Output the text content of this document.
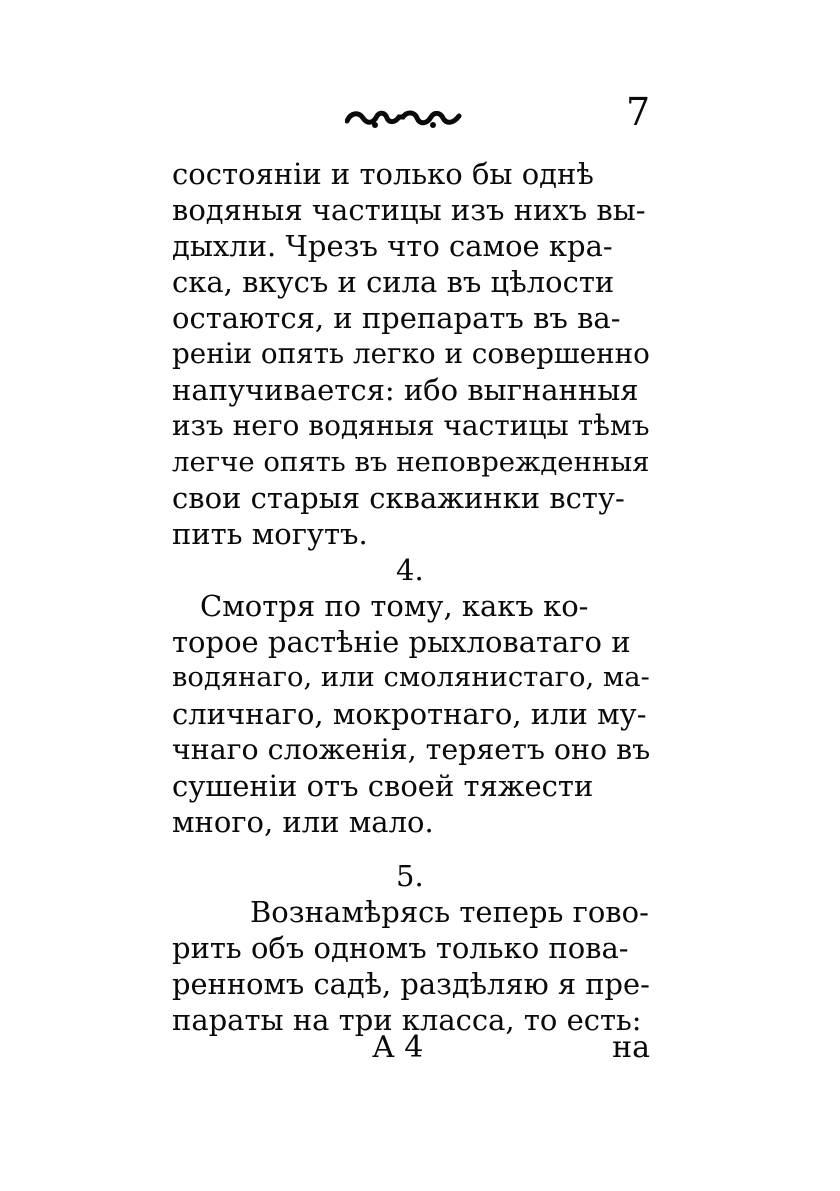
7
состояніи и только бы однѣ
водяныя частицы изъ нихъ вы-
дыхли. Чрезъ что самое кра-
ска, вкусъ и сила въ цѣлости
остаются, и препаратъ въ ва-
реніи опять легко и совершенно
напучивается: ибо выгнанныя
изъ него водяныя частицы тѣмъ
легче опять въ неповрежденныя
свои старыя скважинки всту-
пить могутъ.
4.
Смотря по тому, какъ ко-
торое растѣніе рыхловатаго и
водянаго, или смолянистаго, ма-
сличнаго, мокротнаго, или му-
чнаго сложенія, теряетъ оно въ
сушеніи отъ своей тяжести
много, или мало.
5.
Вознамѣрясь теперь гово-
рить объ одномъ только пова-
ренномъ садѣ, раздѣляю я пре-
параты на три класса, то есть:
А 4	на
